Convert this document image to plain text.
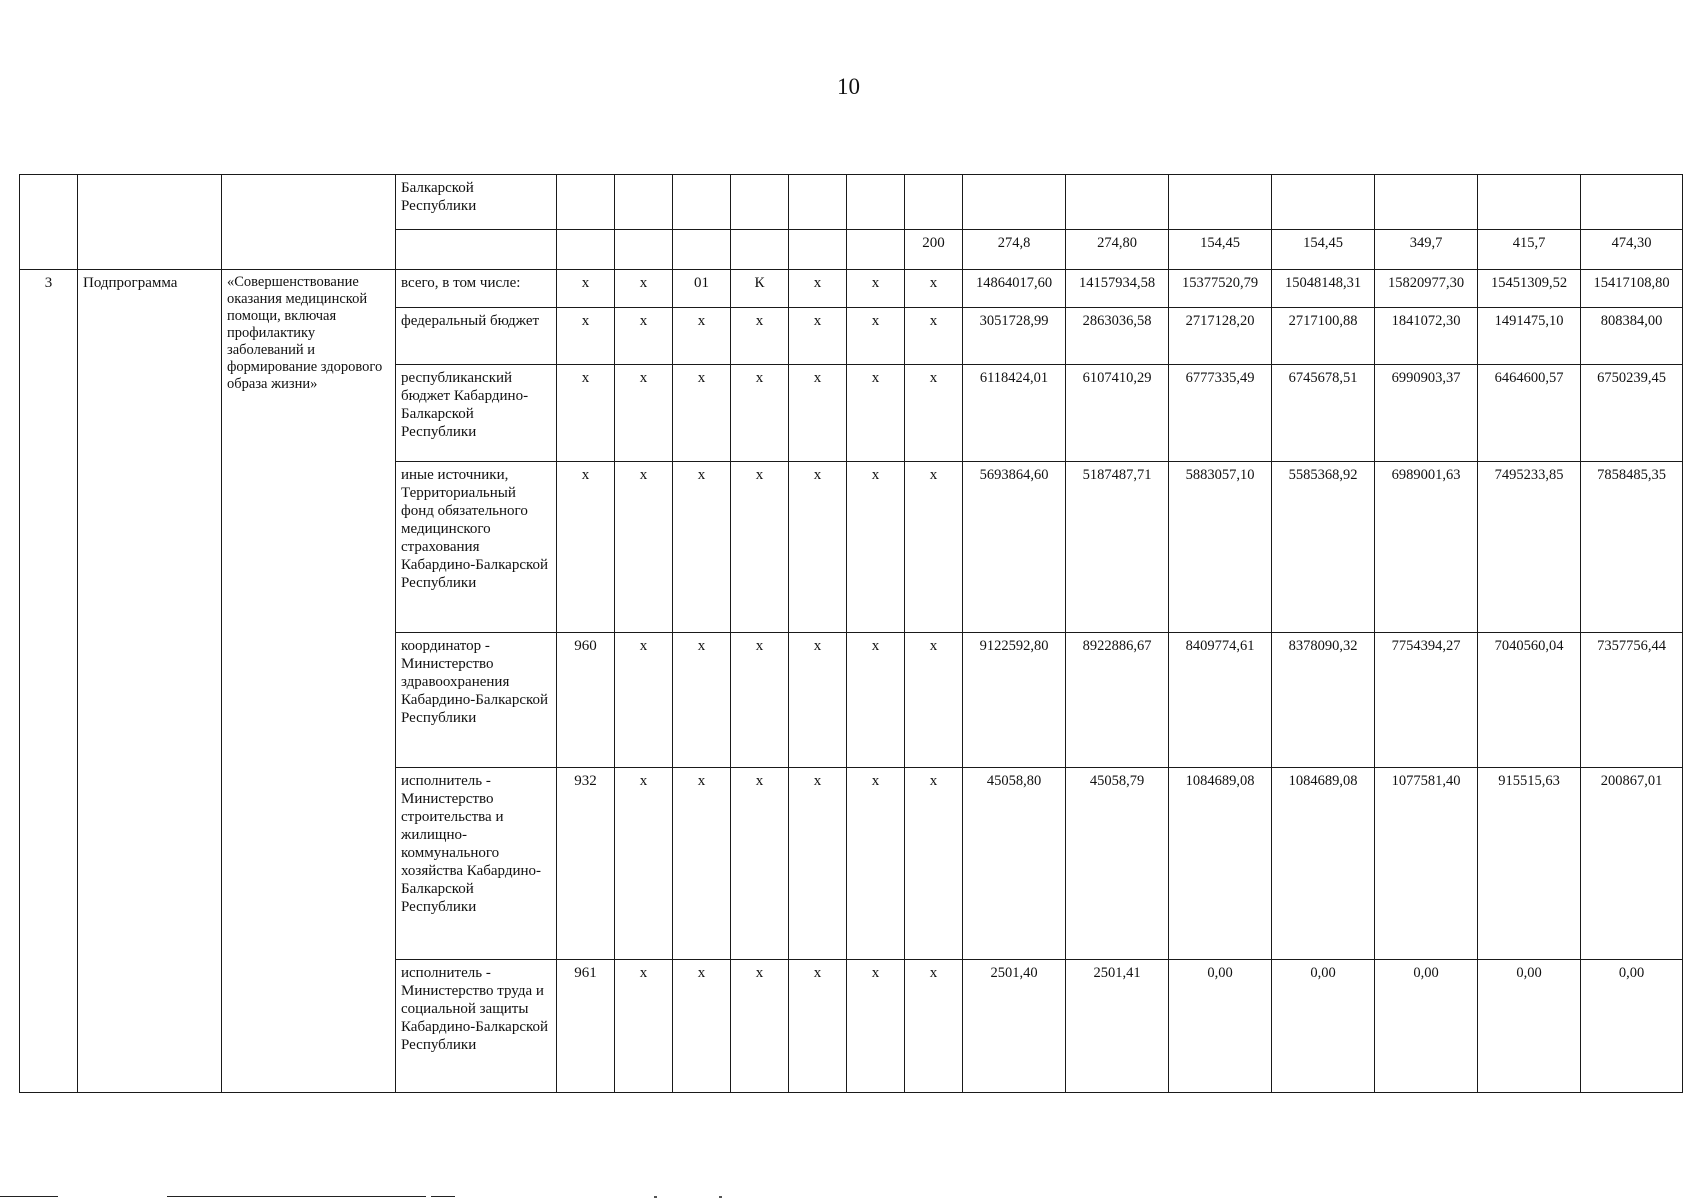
10
			Балкарской Республики														
										200	274,8	274,80	154,45	154,45	349,7	415,7	474,30
3	Подпрограмма	«Совершенствование оказания медицинской помощи, включая профилактику заболеваний и формирование здорового образа жизни»	всего, в том числе:	x	x	01	К	x	x	x	14864017,60	14157934,58	15377520,79	15048148,31	15820977,30	15451309,52	15417108,80
			федеральный бюджет	x	x	x	x	x	x	x	3051728,99	2863036,58	2717128,20	2717100,88	1841072,30	1491475,10	808384,00
			республиканский бюджет Кабардино-Балкарской Республики	x	x	x	x	x	x	x	6118424,01	6107410,29	6777335,49	6745678,51	6990903,37	6464600,57	6750239,45
			иные источники, Территориальный фонд обязательного медицинского страхования Кабардино-Балкарской Республики	x	x	x	x	x	x	x	5693864,60	5187487,71	5883057,10	5585368,92	6989001,63	7495233,85	7858485,35
			координатор - Министерство здравоохранения Кабардино-Балкарской Республики	960	x	x	x	x	x	x	9122592,80	8922886,67	8409774,61	8378090,32	7754394,27	7040560,04	7357756,44
			исполнитель - Министерство строительства и жилищно-коммунального хозяйства Кабардино-Балкарской Республики	932	x	x	x	x	x	x	45058,80	45058,79	1084689,08	1084689,08	1077581,40	915515,63	200867,01
			исполнитель - Министерство труда и социальной защиты Кабардино-Балкарской Республики	961	x	x	x	x	x	x	2501,40	2501,41	0,00	0,00	0,00	0,00	0,00
